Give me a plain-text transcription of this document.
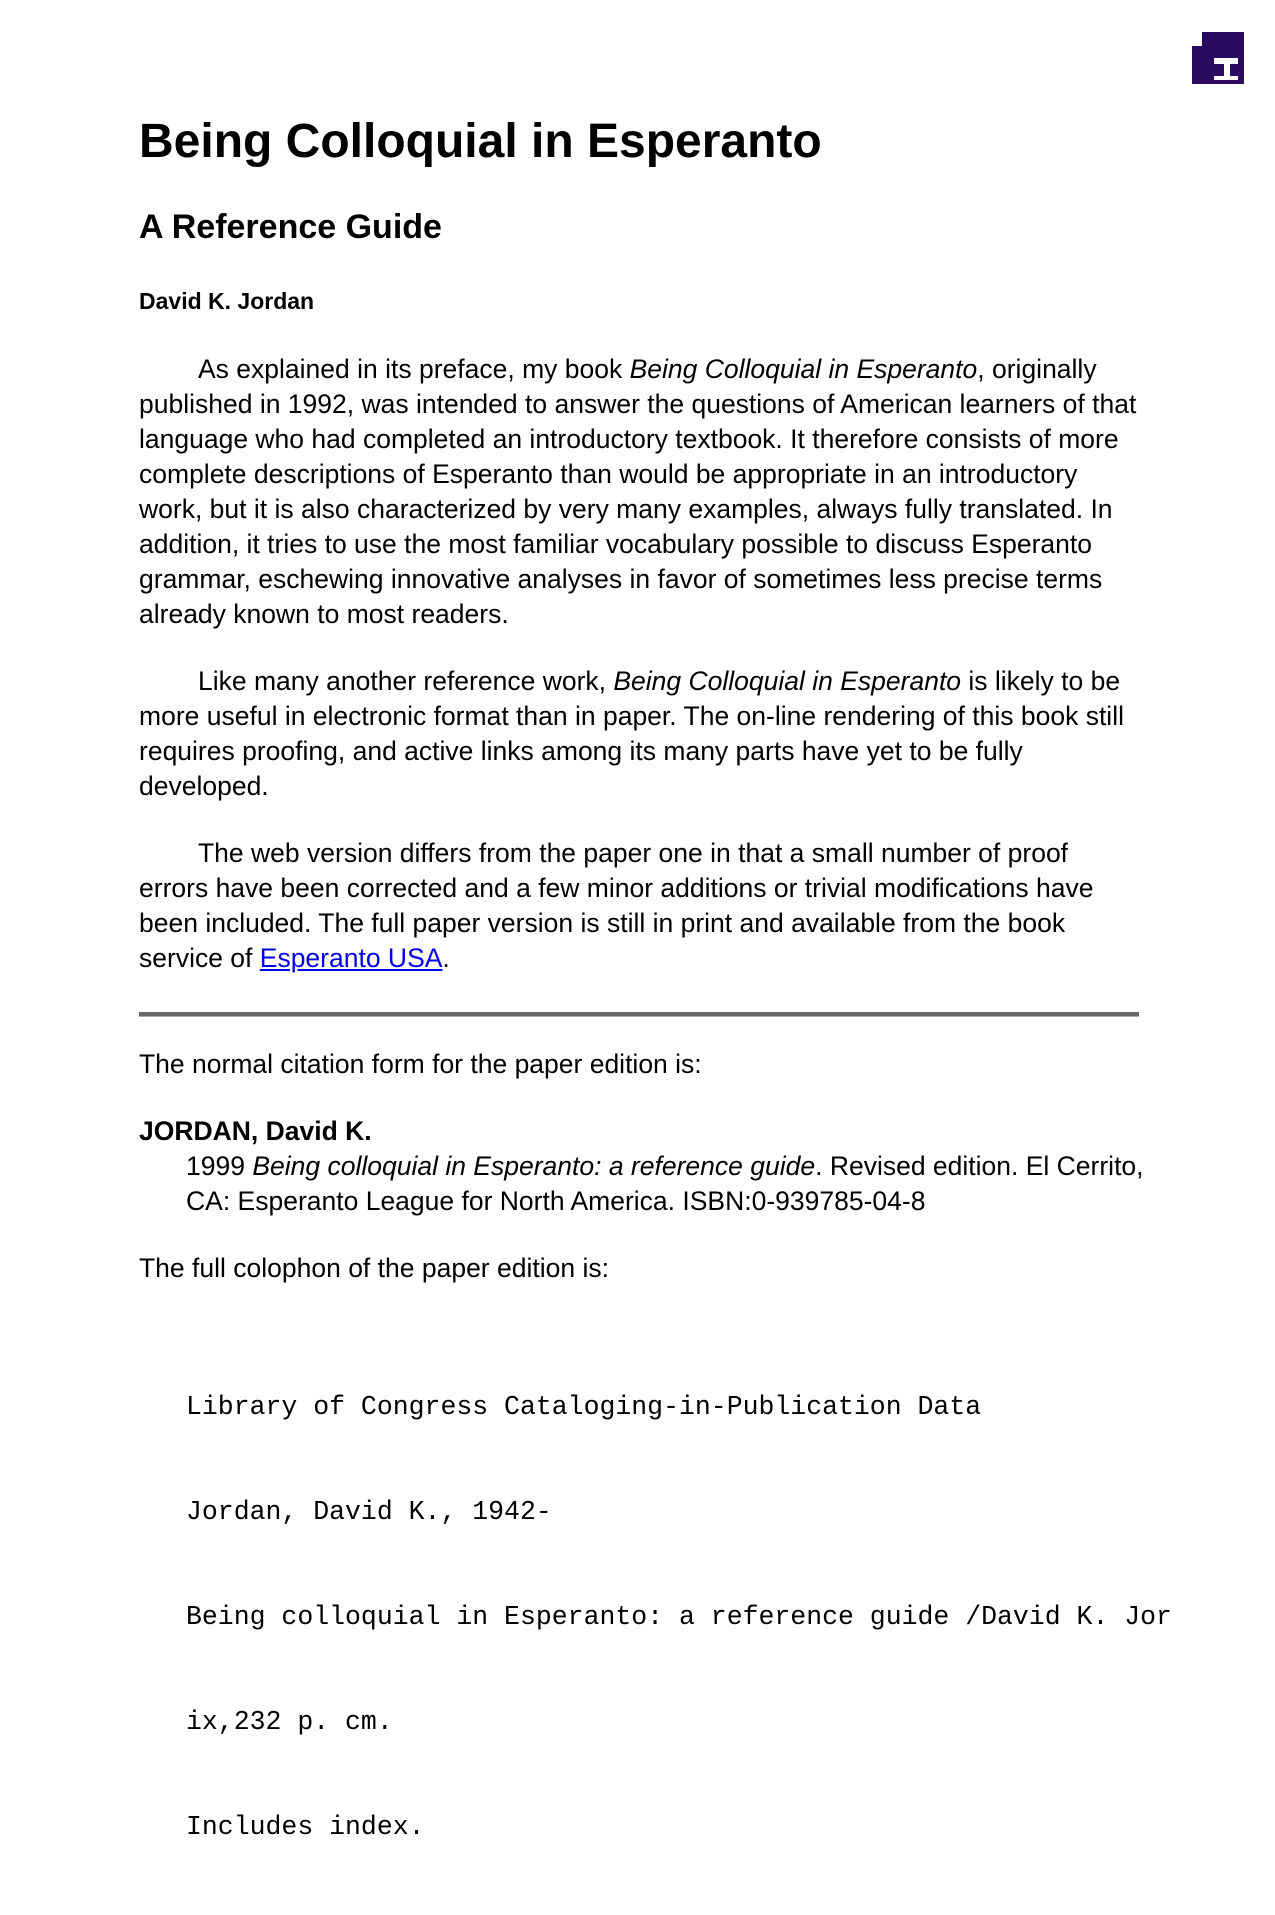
Being Colloquial in Esperanto
A Reference Guide
David K. Jordan

As explained in its preface, my book Being Colloquial in Esperanto, originally published in 1992, was intended to answer the questions of American learners of that language who had completed an introductory textbook. It therefore consists of more complete descriptions of Esperanto than would be appropriate in an introductory work, but it is also characterized by very many examples, always fully translated. In addition, it tries to use the most familiar vocabulary possible to discuss Esperanto grammar, eschewing innovative analyses in favor of sometimes less precise terms already known to most readers.

Like many another reference work, Being Colloquial in Esperanto is likely to be more useful in electronic format than in paper. The on-line rendering of this book still requires proofing, and active links among its many parts have yet to be fully developed.

The web version differs from the paper one in that a small number of proof errors have been corrected and a few minor additions or trivial modifications have been included. The full paper version is still in print and available from the book service of Esperanto USA.

The normal citation form for the paper edition is:

JORDAN, David K.
1999 Being colloquial in Esperanto: a reference guide. Revised edition. El Cerrito, CA: Esperanto League for North America. ISBN:0-939785-04-8

The full colophon of the paper edition is:

Library of Congress Cataloging-in-Publication Data

Jordan, David K., 1942-

Being colloquial in Esperanto: a reference guide /David K. Jor

ix,232 p. cm.

Includes index.
